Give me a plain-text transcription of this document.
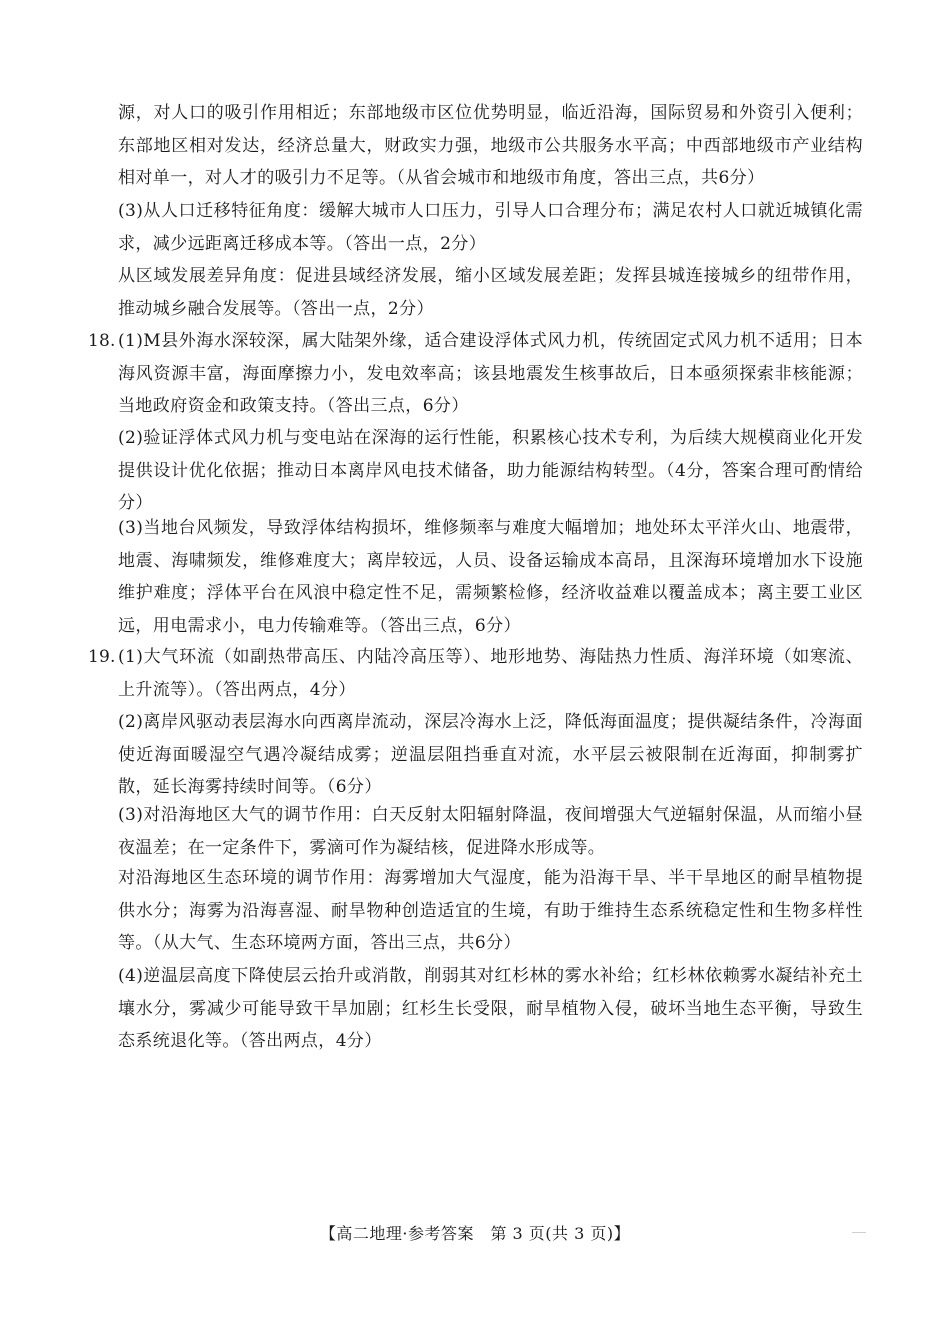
源，对人口的吸引作用相近；东部地级市区位优势明显，临近沿海，国际贸易和外资引入便利；东部地区相对发达，经济总量大，财政实力强，地级市公共服务水平高；中西部地级市产业结构相对单一，对人才的吸引力不足等。（从省会城市和地级市角度，答出三点，共6分）

(3)从人口迁移特征角度：缓解大城市人口压力，引导人口合理分布；满足农村人口就近城镇化需求，减少远距离迁移成本等。（答出一点，2分）

从区域发展差异角度：促进县域经济发展，缩小区域发展差距；发挥县城连接城乡的纽带作用，推动城乡融合发展等。（答出一点，2分）

18. (1)M县外海水深较深，属大陆架外缘，适合建设浮体式风力机，传统固定式风力机不适用；日本海风资源丰富，海面摩擦力小，发电效率高；该县地震发生核事故后，日本亟须探索非核能源；当地政府资金和政策支持。（答出三点，6分）

(2)验证浮体式风力机与变电站在深海的运行性能，积累核心技术专利，为后续大规模商业化开发提供设计优化依据；推动日本离岸风电技术储备，助力能源结构转型。（4分，答案合理可酌情给分）

(3)当地台风频发，导致浮体结构损坏，维修频率与难度大幅增加；地处环太平洋火山、地震带，地震、海啸频发，维修难度大；离岸较远，人员、设备运输成本高昂，且深海环境增加水下设施维护难度；浮体平台在风浪中稳定性不足，需频繁检修，经济收益难以覆盖成本；离主要工业区远，用电需求小，电力传输难等。（答出三点，6分）

19. (1)大气环流（如副热带高压、内陆冷高压等）、地形地势、海陆热力性质、海洋环境（如寒流、上升流等）。（答出两点，4分）

(2)离岸风驱动表层海水向西离岸流动，深层冷海水上泛，降低海面温度；提供凝结条件，冷海面使近海面暖湿空气遇冷凝结成雾；逆温层阻挡垂直对流，水平层云被限制在近海面，抑制雾扩散，延长海雾持续时间等。（6分）

(3)对沿海地区大气的调节作用：白天反射太阳辐射降温，夜间增强大气逆辐射保温，从而缩小昼夜温差；在一定条件下，雾滴可作为凝结核，促进降水形成等。

对沿海地区生态环境的调节作用：海雾增加大气湿度，能为沿海干旱、半干旱地区的耐旱植物提供水分；海雾为沿海喜湿、耐旱物种创造适宜的生境，有助于维持生态系统稳定性和生物多样性等。（从大气、生态环境两方面，答出三点，共6分）

(4)逆温层高度下降使层云抬升或消散，削弱其对红杉林的雾水补给；红杉林依赖雾水凝结补充土壤水分，雾减少可能导致干旱加剧；红杉生长受限，耐旱植物入侵，破坏当地生态平衡，导致生态系统退化等。（答出两点，4分）

【高二地理·参考答案　第 3 页(共 3 页)】
